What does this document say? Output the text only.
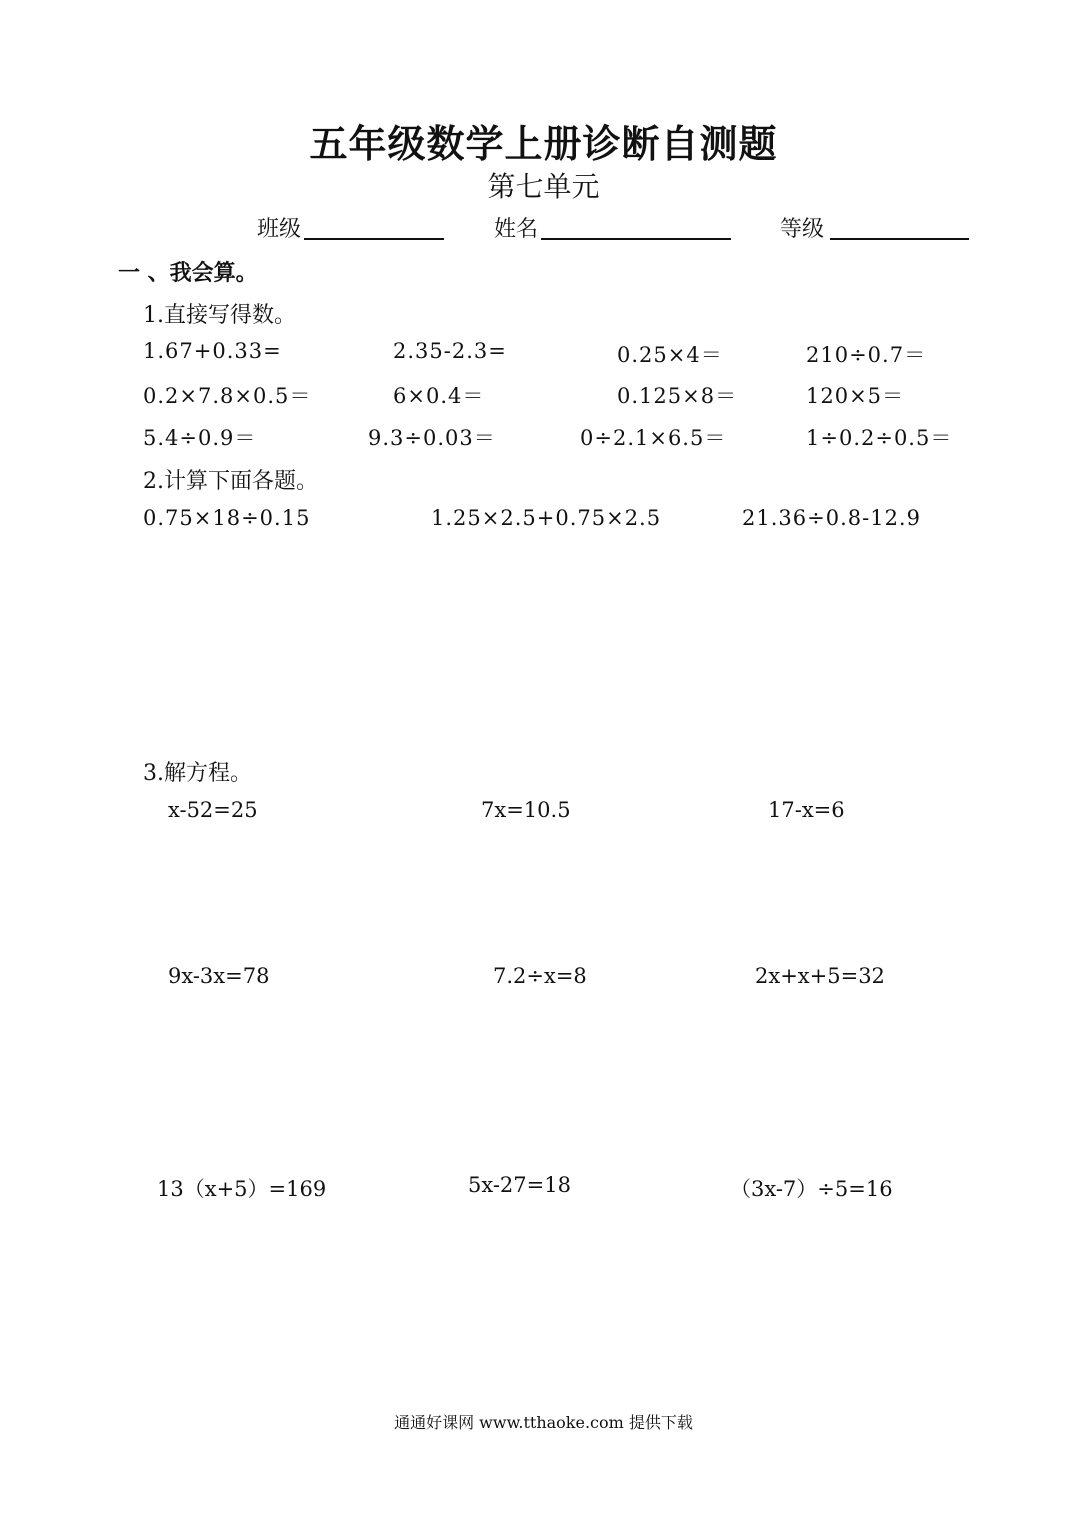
五年级数学上册诊断自测题
第七单元
班级	姓名	等级
一 、我会算。
1.直接写得数。
1.67+0.33=	2.35-2.3=	0.25×4＝	210÷0.7＝
0.2×7.8×0.5＝	6×0.4＝	0.125×8＝	120×5＝
5.4÷0.9＝	9.3÷0.03＝	0÷2.1×6.5＝	1÷0.2÷0.5＝
2.计算下面各题。
0.75×18÷0.15	1.25×2.5+0.75×2.5	21.36÷0.8-12.9
3.解方程。
x-52=25	7x=10.5	17-x=6
9x-3x=78	7.2÷x=8	2x+x+5=32
13（x+5）=169	5x-27=18	（3x-7）÷5=16
通通好课网 www.tthaoke.com 提供下载
